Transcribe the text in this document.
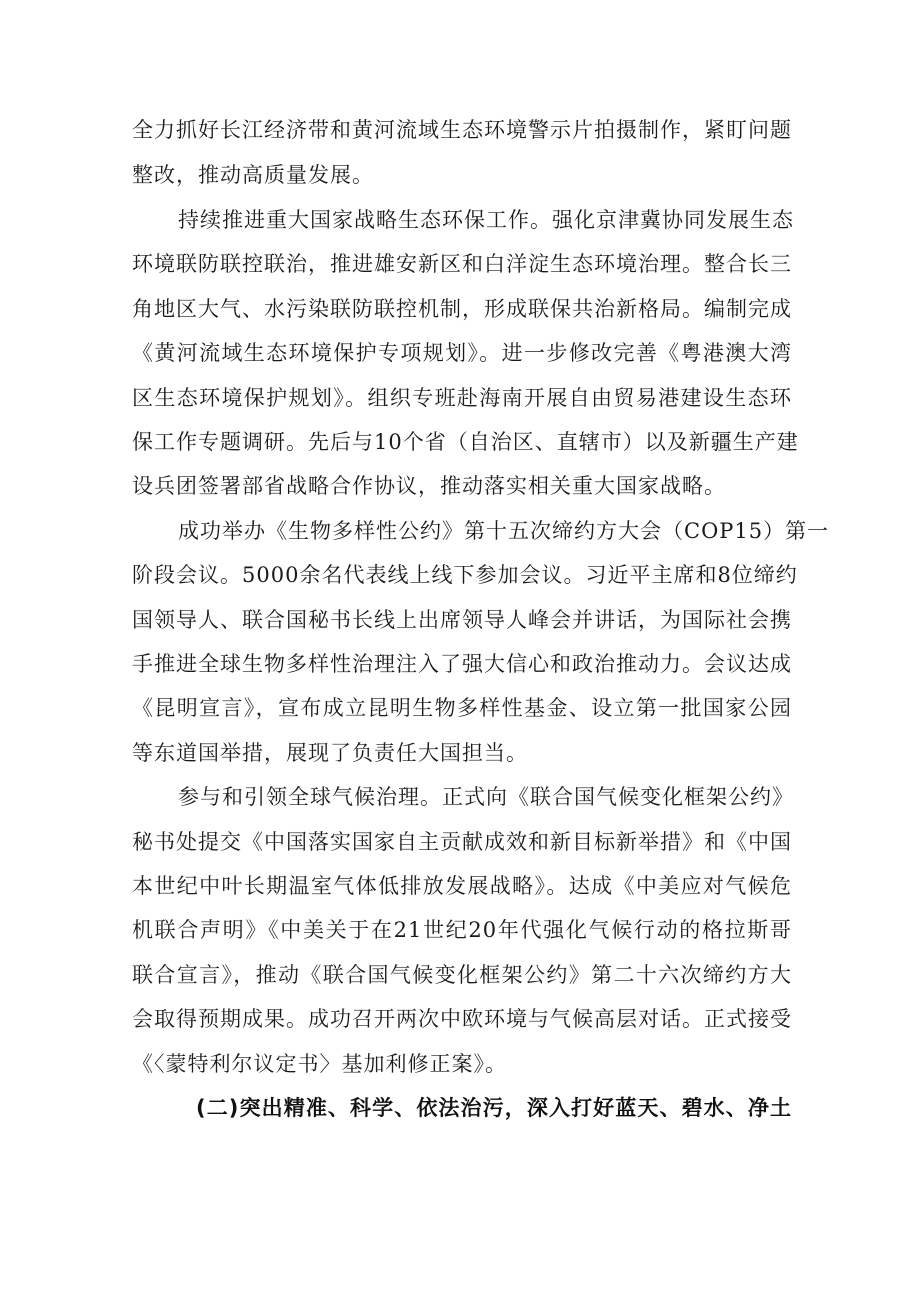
全力抓好长江经济带和黄河流域生态环境警示片拍摄制作，紧盯问题
整改，推动高质量发展。
持续推进重大国家战略生态环保工作。强化京津冀协同发展生态
环境联防联控联治，推进雄安新区和白洋淀生态环境治理。整合长三
角地区大气、水污染联防联控机制，形成联保共治新格局。编制完成
《黄河流域生态环境保护专项规划》。进一步修改完善《粤港澳大湾
区生态环境保护规划》。组织专班赴海南开展自由贸易港建设生态环
保工作专题调研。先后与10个省（自治区、直辖市）以及新疆生产建
设兵团签署部省战略合作协议，推动落实相关重大国家战略。
成功举办《生物多样性公约》第十五次缔约方大会（COP15）第一
阶段会议。5000余名代表线上线下参加会议。习近平主席和8位缔约
国领导人、联合国秘书长线上出席领导人峰会并讲话，为国际社会携
手推进全球生物多样性治理注入了强大信心和政治推动力。会议达成
《昆明宣言》，宣布成立昆明生物多样性基金、设立第一批国家公园
等东道国举措，展现了负责任大国担当。
参与和引领全球气候治理。正式向《联合国气候变化框架公约》
秘书处提交《中国落实国家自主贡献成效和新目标新举措》和《中国
本世纪中叶长期温室气体低排放发展战略》。达成《中美应对气候危
机联合声明》《中美关于在21世纪20年代强化气候行动的格拉斯哥
联合宣言》，推动《联合国气候变化框架公约》第二十六次缔约方大
会取得预期成果。成功召开两次中欧环境与气候高层对话。正式接受
《〈蒙特利尔议定书〉基加利修正案》。
(二)突出精准、科学、依法治污，深入打好蓝天、碧水、净土
